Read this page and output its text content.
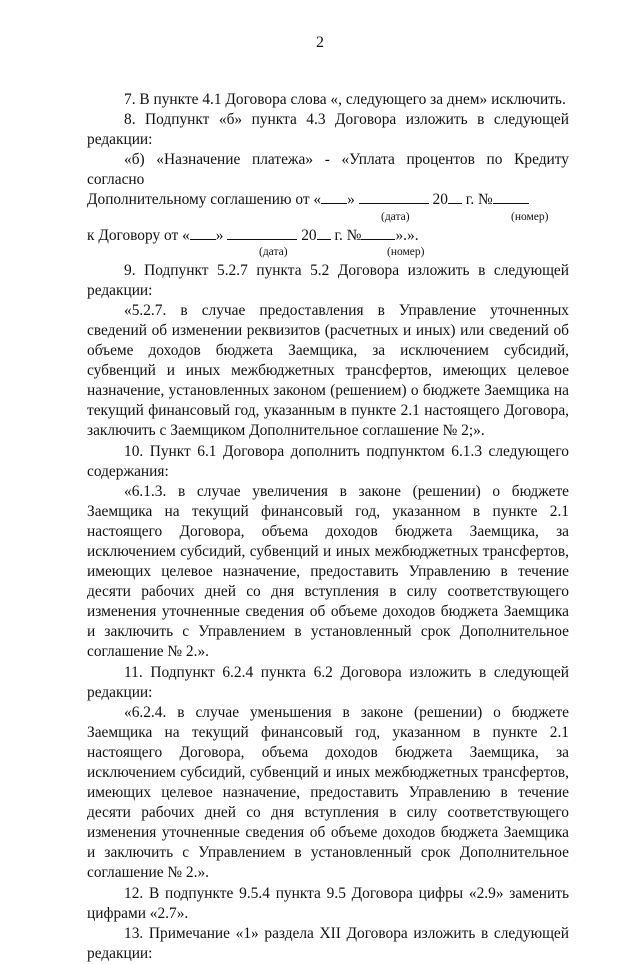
2

7. В пункте 4.1 Договора слова «, следующего за днем» исключить.

8. Подпункт «б» пункта 4.3 Договора изложить в следующей редакции:

«б) «Назначение платежа» - «Уплата процентов по Кредиту согласно

Дополнительному соглашению от « »	20 г. №
(дата)	(номер)
к Договору от « »	20 г. № ».».
(дата)	(номер)

9. Подпункт 5.2.7 пункта 5.2 Договора изложить в следующей редакции:

«5.2.7. в случае предоставления в Управление уточненных сведений об изменении реквизитов (расчетных и иных) или сведений об объеме доходов бюджета Заемщика, за исключением субсидий, субвенций и иных межбюджетных трансфертов, имеющих целевое назначение, установленных законом (решением) о бюджете Заемщика на текущий финансовый год, указанным в пункте 2.1 настоящего Договора, заключить с Заемщиком Дополнительное соглашение № 2;».

10. Пункт 6.1 Договора дополнить подпунктом 6.1.3 следующего содержания:

«6.1.3. в случае увеличения в законе (решении) о бюджете Заемщика на текущий финансовый год, указанном в пункте 2.1 настоящего Договора, объема доходов бюджета Заемщика, за исключением субсидий, субвенций и иных межбюджетных трансфертов, имеющих целевое назначение, предоставить Управлению в течение десяти рабочих дней со дня вступления в силу соответствующего изменения уточненные сведения об объеме доходов бюджета Заемщика и заключить с Управлением в установленный срок Дополнительное соглашение № 2.».

11. Подпункт 6.2.4 пункта 6.2 Договора изложить в следующей редакции:

«6.2.4. в случае уменьшения в законе (решении) о бюджете Заемщика на текущий финансовый год, указанном в пункте 2.1 настоящего Договора, объема доходов бюджета Заемщика, за исключением субсидий, субвенций и иных межбюджетных трансфертов, имеющих целевое назначение, предоставить Управлению в течение десяти рабочих дней со дня вступления в силу соответствующего изменения уточненные сведения об объеме доходов бюджета Заемщика и заключить с Управлением в установленный срок Дополнительное соглашение № 2.».

12. В подпункте 9.5.4 пункта 9.5 Договора цифры «2.9» заменить цифрами «2.7».

13. Примечание «1» раздела XII Договора изложить в следующей редакции:
